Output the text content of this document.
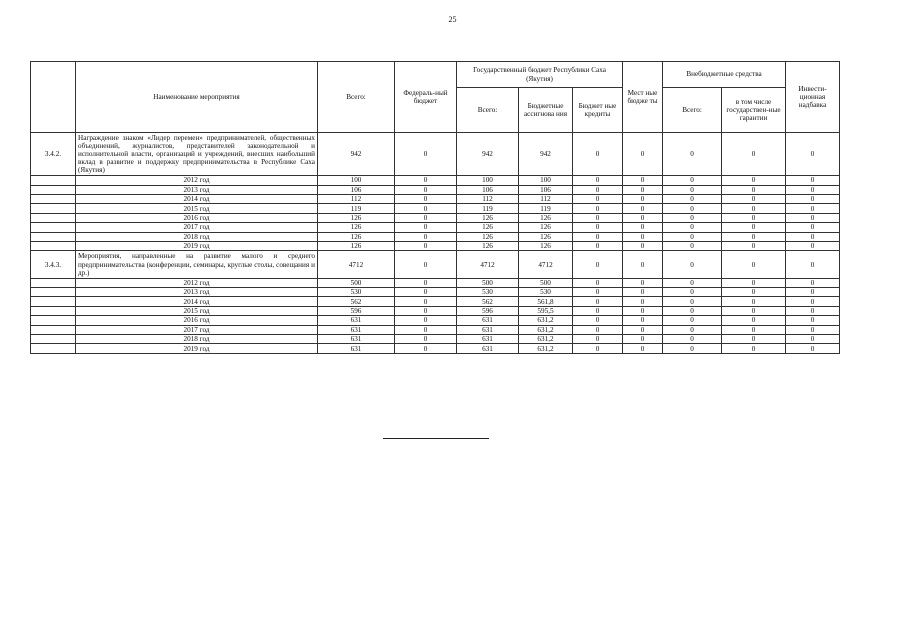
25
	Наименование мероприятия	Всего:	Федераль-ный бюджет	Государственный бюджет Республики Саха (Якутия)			Мест ные бюдже ты	Внебюджетные средства		Инвести-ционная надбавка
				Всего:	Бюджетные ассигнова ния	Бюджет ные кредиты		Всего:	в том числе государствен-ные гарантии	
3.4.2.	Награждение знаком «Лидер перемен» предпринимателей, общественных объединений, журналистов, представителей законодательной и исполнительной власти, организаций и учреждений, внесших наибольший вклад в развитие и поддержку предпринимательства в Республике Саха (Якутия)	942	0	942	942	0	0	0	0	0
	2012 год	100	0	100	100	0	0	0	0	0
	2013 год	106	0	106	106	0	0	0	0	0
	2014 год	112	0	112	112	0	0	0	0	0
	2015 год	119	0	119	119	0	0	0	0	0
	2016 год	126	0	126	126	0	0	0	0	0
	2017 год	126	0	126	126	0	0	0	0	0
	2018 год	126	0	126	126	0	0	0	0	0
	2019 год	126	0	126	126	0	0	0	0	0
3.4.3.	Мероприятия, направленные на развитие малого и среднего предпринимательства (конференции, семинары, круглые столы, совещания и др.)	4712	0	4712	4712	0	0	0	0	0
	2012 год	500	0	500	500	0	0	0	0	0
	2013 год	530	0	530	530	0	0	0	0	0
	2014 год	562	0	562	561,8	0	0	0	0	0
	2015 год	596	0	596	595,5	0	0	0	0	0
	2016 год	631	0	631	631,2	0	0	0	0	0
	2017 год	631	0	631	631,2	0	0	0	0	0
	2018 год	631	0	631	631,2	0	0	0	0	0
	2019 год	631	0	631	631,2	0	0	0	0	0
